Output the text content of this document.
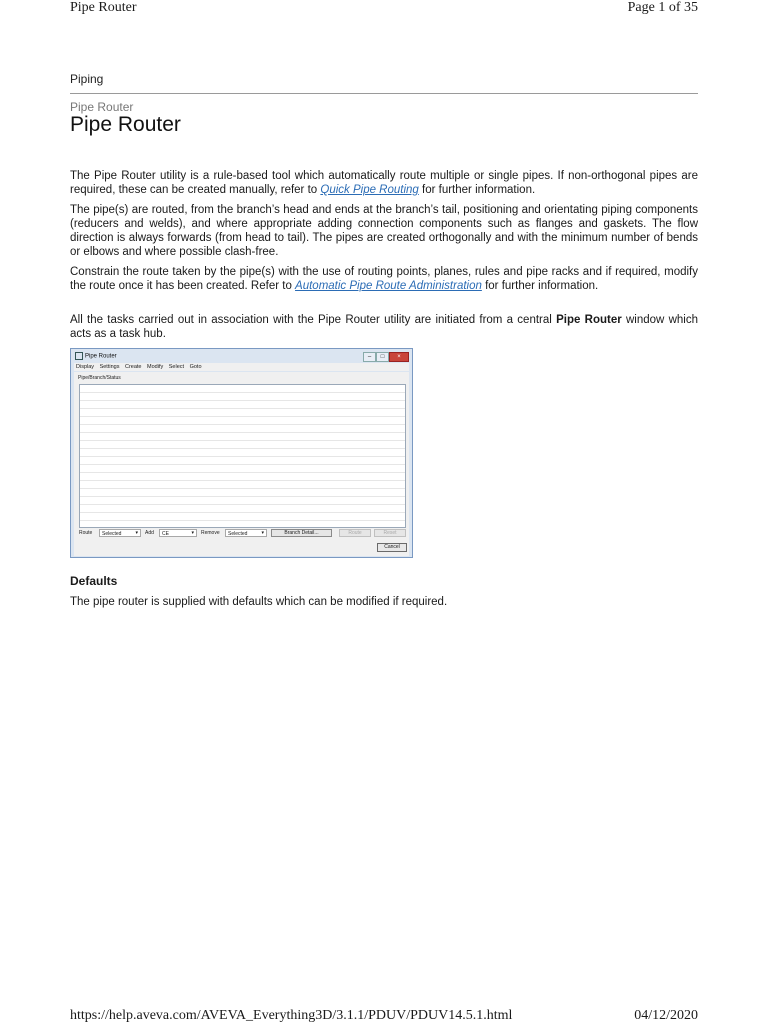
Pipe Router	Page 1 of 35
Piping
Pipe Router
Pipe Router
The Pipe Router utility is a rule-based tool which automatically route multiple or single pipes. If non-orthogonal pipes are required, these can be created manually, refer to Quick Pipe Routing for further information.
The pipe(s) are routed, from the branch’s head and ends at the branch’s tail, positioning and orientating piping components (reducers and welds), and where appropriate adding connection components such as flanges and gaskets. The flow direction is always forwards (from head to tail). The pipes are created orthogonally and with the minimum number of bends or elbows and where possible clash-free.
Constrain the route taken by the pipe(s) with the use of routing points, planes, rules and pipe racks and if required, modify the route once it has been created. Refer to Automatic Pipe Route Administration for further information.
All the tasks carried out in association with the Pipe Router utility are initiated from a central Pipe Router window which acts as a task hub.
Pipe Router	–	□	×
Display Settings Create Modify Select Goto
Pipe/Branch/Status
Route	Selected ▾	Add	CE ▾	Remove	Selected ▾	Branch Detail...	Route	Reset
Cancel
Defaults
The pipe router is supplied with defaults which can be modified if required.
https://help.aveva.com/AVEVA_Everything3D/3.1.1/PDUV/PDUV14.5.1.html	04/12/2020
